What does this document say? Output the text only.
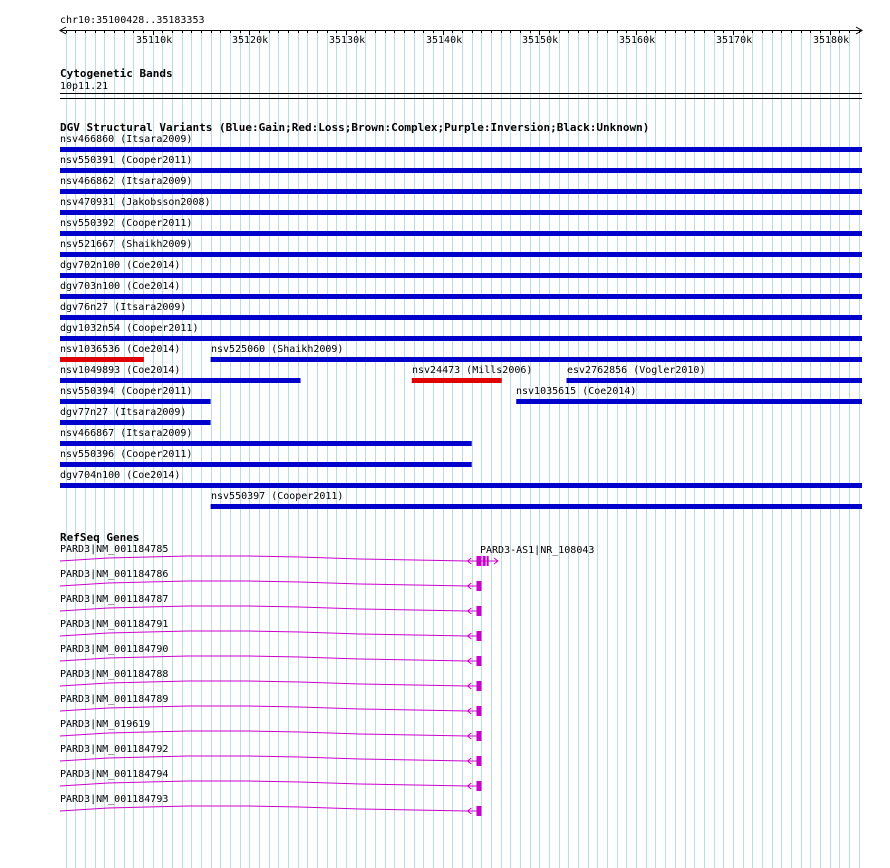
chr10:35100428..35183353
Cytogenetic Bands
10p11.21
DGV Structural Variants (Blue:Gain;Red:Loss;Brown:Complex;Purple:Inversion;Black:Unknown)
RefSeq Genes
35110k	35120k	35130k	35140k	35150k	35160k	35170k	35180k
nsv466860 (Itsara2009)
nsv550391 (Cooper2011)
nsv466862 (Itsara2009)
nsv470931 (Jakobsson2008)
nsv550392 (Cooper2011)
nsv521667 (Shaikh2009)
dgv702n100 (Coe2014)
dgv703n100 (Coe2014)
dgv76n27 (Itsara2009)
dgv1032n54 (Cooper2011)
nsv1036536 (Coe2014)	nsv525060 (Shaikh2009)
nsv1049893 (Coe2014)	nsv24473 (Mills2006)	esv2762856 (Vogler2010)
nsv550394 (Cooper2011)	nsv1035615 (Coe2014)
dgv77n27 (Itsara2009)
nsv466867 (Itsara2009)
nsv550396 (Cooper2011)
dgv704n100 (Coe2014)
nsv550397 (Cooper2011)
PARD3|NM_001184785
PARD3|NM_001184786
PARD3|NM_001184787
PARD3|NM_001184791
PARD3|NM_001184790
PARD3|NM_001184788
PARD3|NM_001184789
PARD3|NM_019619
PARD3|NM_001184792
PARD3|NM_001184794
PARD3|NM_001184793
PARD3-AS1|NR_108043
